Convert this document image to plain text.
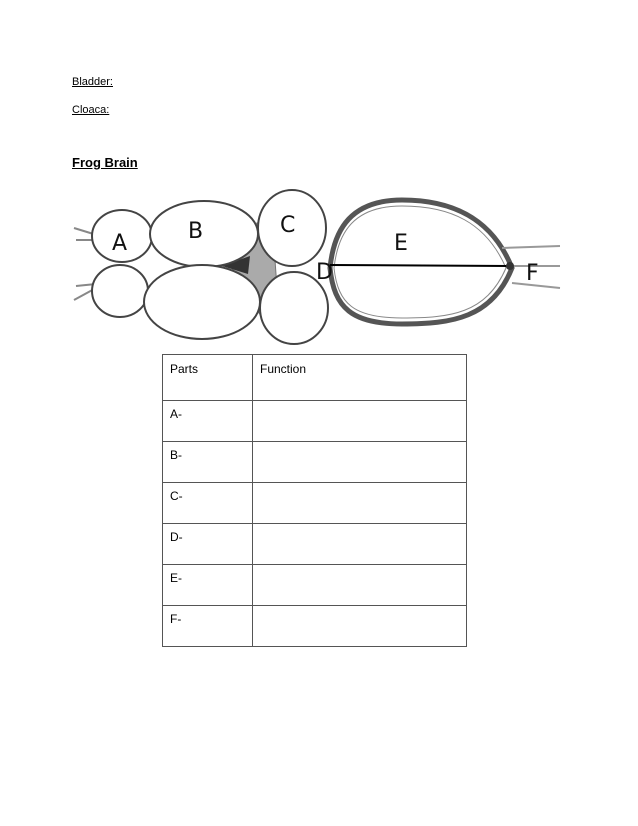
Bladder:
Cloaca:
Frog Brain
A	B	C
D
E
F
Parts	Function
A-	
B-	
C-	
D-	
E-	
F-	
